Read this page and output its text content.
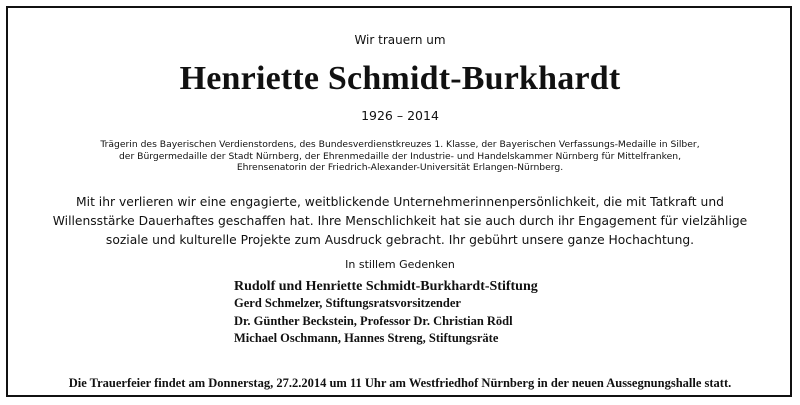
Wir trauern um
Henriette Schmidt-Burkhardt
1926 – 2014
Trägerin des Bayerischen Verdienstordens, des Bundesverdienstkreuzes 1. Klasse, der Bayerischen Verfassungs-Medaille in Silber,
der Bürgermedaille der Stadt Nürnberg, der Ehrenmedaille der Industrie- und Handelskammer Nürnberg für Mittelfranken,
Ehrensenatorin der Friedrich-Alexander-Universität Erlangen-Nürnberg.
Mit ihr verlieren wir eine engagierte, weitblickende Unternehmerinnenpersönlichkeit, die mit Tatkraft und
Willensstärke Dauerhaftes geschaffen hat. Ihre Menschlichkeit hat sie auch durch ihr Engagement für vielzählige
soziale und kulturelle Projekte zum Ausdruck gebracht. Ihr gebührt unsere ganze Hochachtung.
In stillem Gedenken
Rudolf und Henriette Schmidt-Burkhardt-Stiftung
Gerd Schmelzer, Stiftungsratsvorsitzender
Dr. Günther Beckstein, Professor Dr. Christian Rödl
Michael Oschmann, Hannes Streng, Stiftungsräte
Die Trauerfeier findet am Donnerstag, 27.2.2014 um 11 Uhr am Westfriedhof Nürnberg in der neuen Aussegnungshalle statt.
